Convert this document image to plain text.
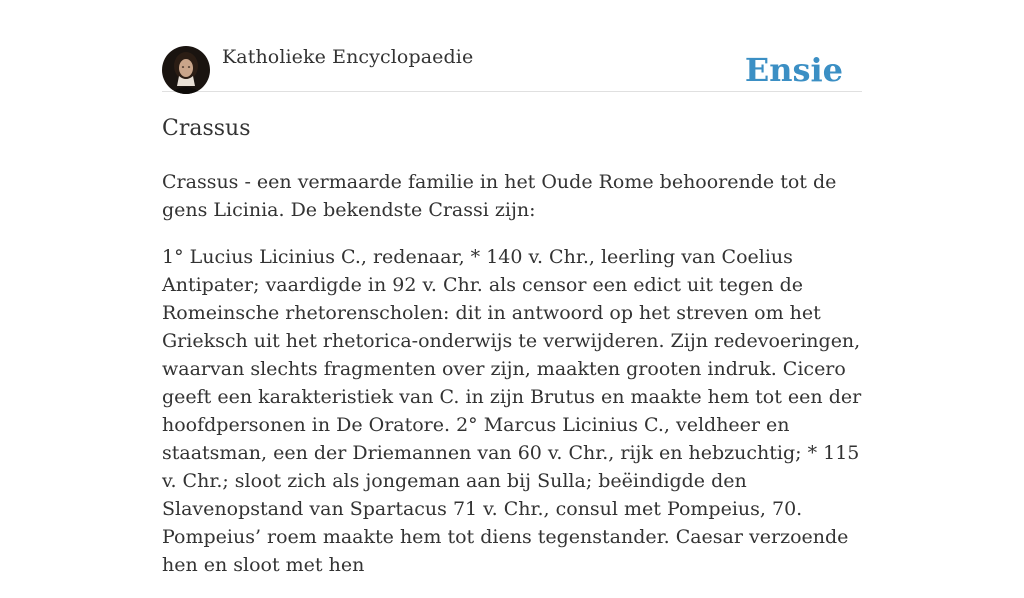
Katholieke Encyclopaedie	Ensie
Crassus

Crassus - een vermaarde familie in het Oude Rome behoorende tot de gens Licinia. De bekendste Crassi zijn:

1° Lucius Licinius C., redenaar, * 140 v. Chr., leerling van Coelius Antipater; vaardigde in 92 v. Chr. als censor een edict uit tegen de Romeinsche rhetorenscholen: dit in antwoord op het streven om het Grieksch uit het rhetorica-onderwijs te verwijderen. Zijn redevoeringen, waarvan slechts fragmenten over zijn, maakten grooten indruk. Cicero geeft een karakteristiek van C. in zijn Brutus en maakte hem tot een der hoofdpersonen in De Oratore. 2° Marcus Licinius C., veldheer en staatsman, een der Driemannen van 60 v. Chr., rijk en hebzuchtig; * 115 v. Chr.; sloot zich als jongeman aan bij Sulla; beëindigde den Slavenopstand van Spartacus 71 v. Chr., consul met Pompeius, 70. Pompeius’ roem maakte hem tot diens tegenstander. Caesar verzoende hen en sloot met hen
